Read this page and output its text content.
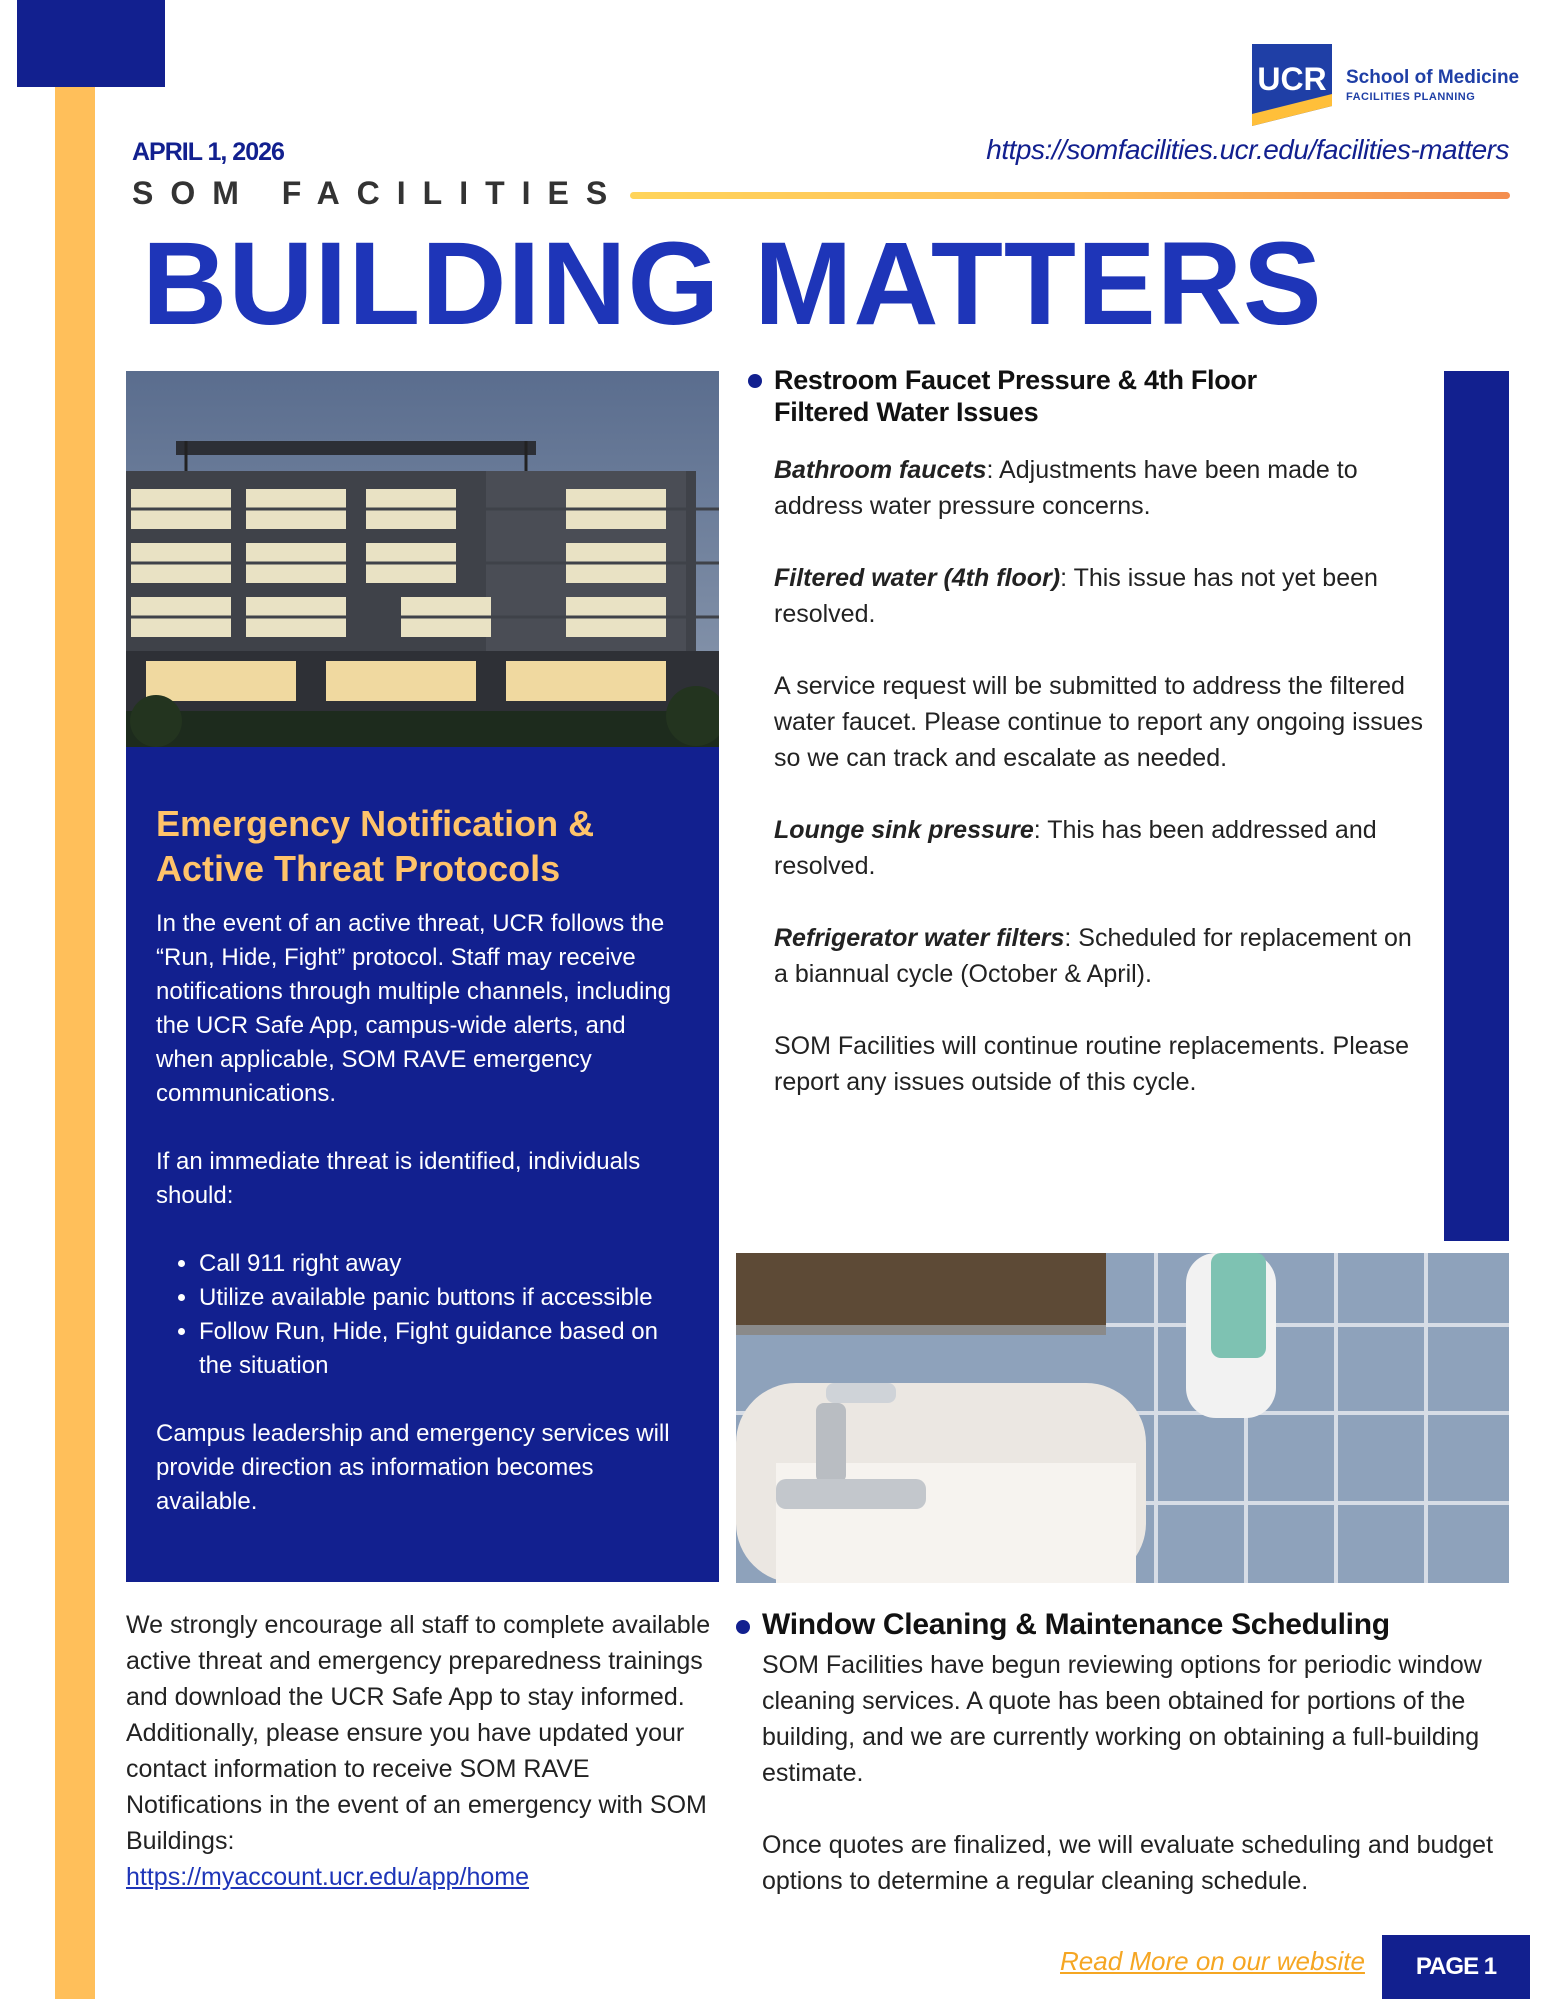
UCR School of Medicine
FACILITIES PLANNING
APRIL 1, 2026	https://somfacilities.ucr.edu/facilities-matters
SOM FACILITIES
BUILDING MATTERS
Emergency Notification &
Active Threat Protocols

In the event of an active threat, UCR follows the “Run, Hide, Fight” protocol. Staff may receive notifications through multiple channels, including the UCR Safe App, campus-wide alerts, and when applicable, SOM RAVE emergency communications.

If an immediate threat is identified, individuals should:

• Call 911 right away
• Utilize available panic buttons if accessible
• Follow Run, Hide, Fight guidance based on the situation

Campus leadership and emergency services will provide direction as information becomes available.

We strongly encourage all staff to complete available active threat and emergency preparedness trainings and download the UCR Safe App to stay informed. Additionally, please ensure you have updated your contact information to receive SOM RAVE Notifications in the event of an emergency with SOM Buildings:
https://myaccount.ucr.edu/app/home
Restroom Faucet Pressure & 4th Floor Filtered Water Issues

Bathroom faucets: Adjustments have been made to address water pressure concerns.

Filtered water (4th floor): This issue has not yet been resolved.

A service request will be submitted to address the filtered water faucet. Please continue to report any ongoing issues so we can track and escalate as needed.

Lounge sink pressure: This has been addressed and resolved.

Refrigerator water filters: Scheduled for replacement on a biannual cycle (October & April).

SOM Facilities will continue routine replacements. Please report any issues outside of this cycle.

Window Cleaning & Maintenance Scheduling

SOM Facilities have begun reviewing options for periodic window cleaning services. A quote has been obtained for portions of the building, and we are currently working on obtaining a full-building estimate.

Once quotes are finalized, we will evaluate scheduling and budget options to determine a regular cleaning schedule.

Read More on our website	PAGE 1
